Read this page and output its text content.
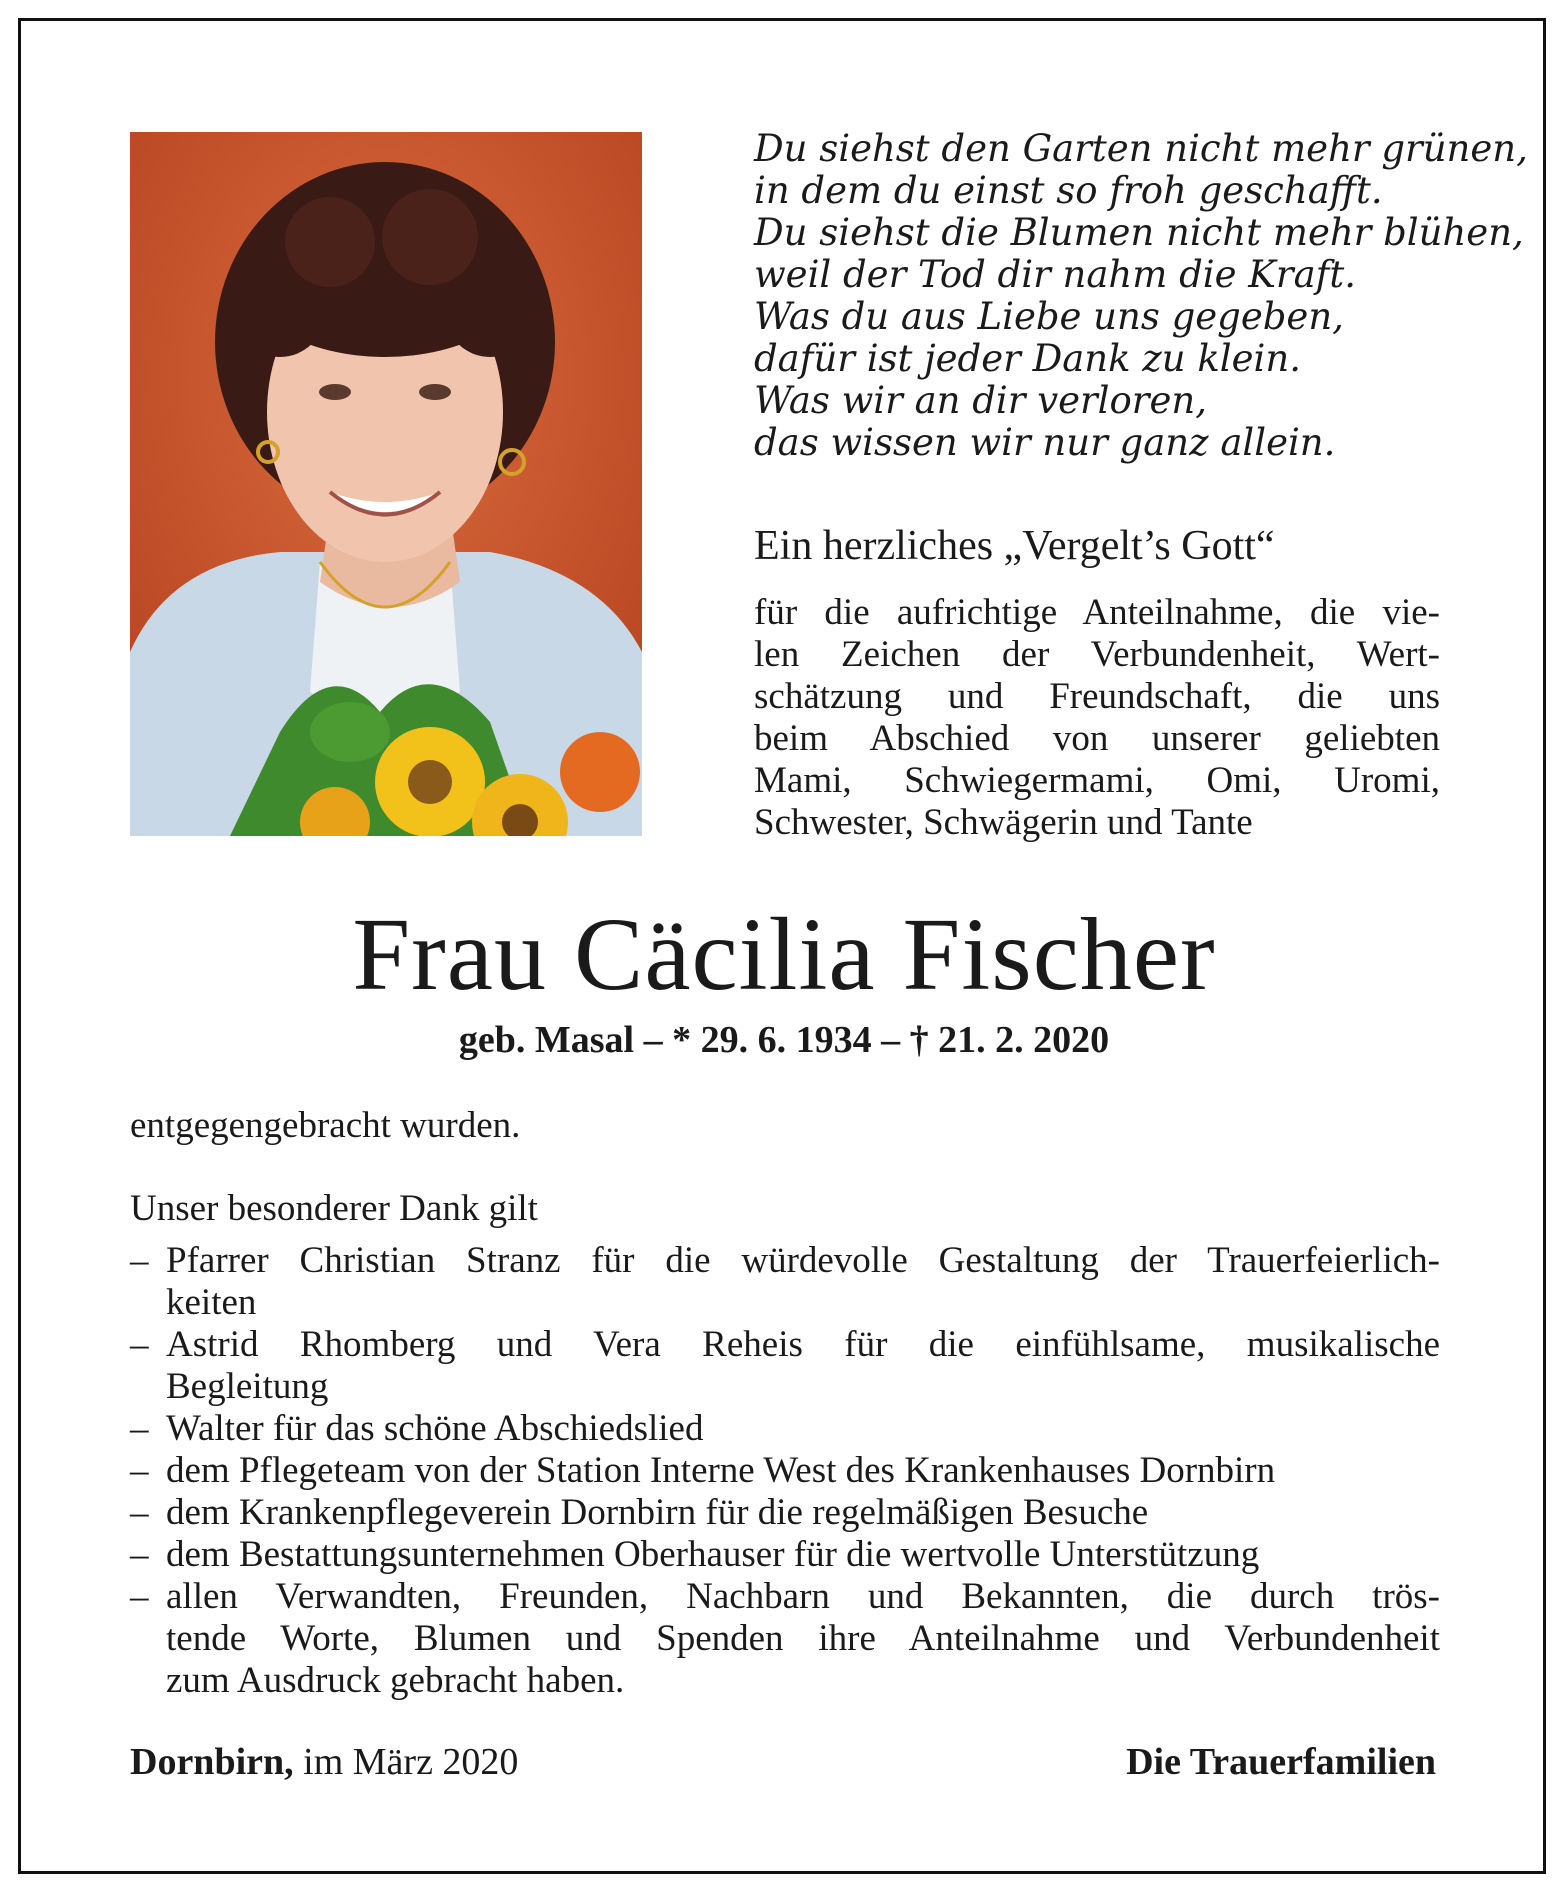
Du siehst den Garten nicht mehr grünen,
in dem du einst so froh geschafft.
Du siehst die Blumen nicht mehr blühen,
weil der Tod dir nahm die Kraft.
Was du aus Liebe uns gegeben,
dafür ist jeder Dank zu klein.
Was wir an dir verloren,
das wissen wir nur ganz allein.
Ein herzliches „Vergelt’s Gott“
für die aufrichtige Anteilnahme, die vie-
len Zeichen der Verbundenheit, Wert-
schätzung und Freundschaft, die uns
beim Abschied von unserer geliebten
Mami, Schwiegermami, Omi, Uromi,
Schwester, Schwägerin und Tante
Frau Cäcilia Fischer
geb. Masal – * 29. 6. 1934 – † 21. 2. 2020
entgegengebracht wurden.
Unser besonderer Dank gilt
– Pfarrer Christian Stranz für die würdevolle Gestaltung der Trauerfeierlich-
keiten
– Astrid Rhomberg und Vera Reheis für die einfühlsame, musikalische
Begleitung
– Walter für das schöne Abschiedslied
– dem Pflegeteam von der Station Interne West des Krankenhauses Dornbirn
– dem Krankenpflegeverein Dornbirn für die regelmäßigen Besuche
– dem Bestattungsunternehmen Oberhauser für die wertvolle Unterstützung
– allen Verwandten, Freunden, Nachbarn und Bekannten, die durch trös-
tende Worte, Blumen und Spenden ihre Anteilnahme und Verbundenheit
zum Ausdruck gebracht haben.
Dornbirn, im März 2020	Die Trauerfamilien
